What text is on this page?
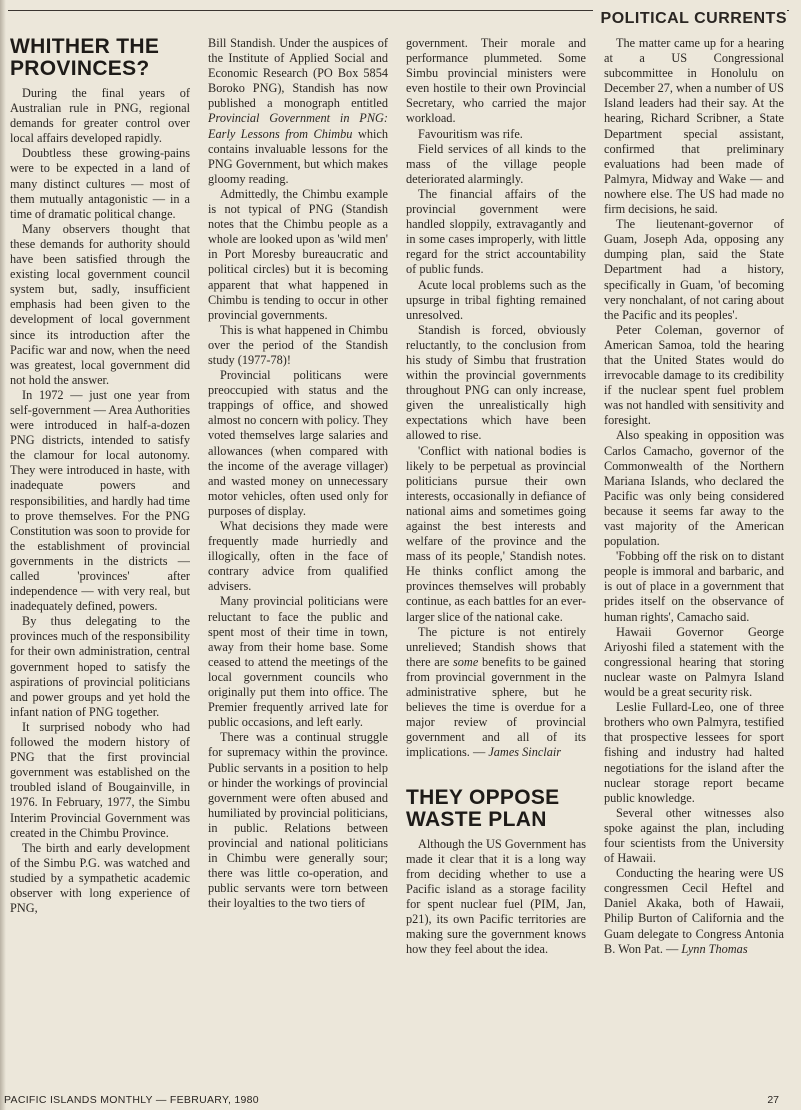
POLITICAL CURRENTS
WHITHER THE PROVINCES?

During the final years of Australian rule in PNG, regional demands for greater control over local affairs developed rapidly.

Doubtless these growing-pains were to be expected in a land of many distinct cultures — most of them mutually antagonistic — in a time of dramatic political change.

Many observers thought that these demands for authority should have been satisfied through the existing local government council system but, sadly, insufficient emphasis had been given to the development of local government since its introduction after the Pacific war and now, when the need was greatest, local government did not hold the answer.

In 1972 — just one year from self-government — Area Authorities were introduced in half-a-dozen PNG districts, intended to satisfy the clamour for local autonomy. They were introduced in haste, with inadequate powers and responsibilities, and hardly had time to prove themselves. For the PNG Constitution was soon to provide for the establishment of provincial governments in the districts — called 'provinces' after independence — with very real, but inadequately defined, powers.

By thus delegating to the provinces much of the responsibility for their own administration, central government hoped to satisfy the aspirations of provincial politicians and power groups and yet hold the infant nation of PNG together.

It surprised nobody who had followed the modern history of PNG that the first provincial government was established on the troubled island of Bougainville, in 1976. In February, 1977, the Simbu Interim Provincial Government was created in the Chimbu Province.

The birth and early development of the Simbu P.G. was watched and studied by a sympathetic academic observer with long experience of PNG,

Bill Standish. Under the auspices of the Institute of Applied Social and Economic Research (PO Box 5854 Boroko PNG), Standish has now published a monograph entitled Provincial Government in PNG: Early Lessons from Chimbu which contains invaluable lessons for the PNG Government, but which makes gloomy reading.

Admittedly, the Chimbu example is not typical of PNG (Standish notes that the Chimbu people as a whole are looked upon as 'wild men' in Port Moresby bureaucratic and political circles) but it is becoming apparent that what happened in Chimbu is tending to occur in other provincial governments.

This is what happened in Chimbu over the period of the Standish study (1977-78)!

Provincial politicans were preoccupied with status and the trappings of office, and showed almost no concern with policy. They voted themselves large salaries and allowances (when compared with the income of the average villager) and wasted money on unnecessary motor vehicles, often used only for purposes of display.

What decisions they made were frequently made hurriedly and illogically, often in the face of contrary advice from qualified advisers.

Many provincial politicians were reluctant to face the public and spent most of their time in town, away from their home base. Some ceased to attend the meetings of the local government councils who originally put them into office. The Premier frequently arrived late for public occasions, and left early.

There was a continual struggle for supremacy within the province. Public servants in a position to help or hinder the workings of provincial government were often abused and humiliated by provincial politicians, in public. Relations between provincial and national politicians in Chimbu were generally sour; there was little co-operation, and public servants were torn between their loyalties to the two tiers of

government. Their morale and performance plummeted. Some Simbu provincial ministers were even hostile to their own Provincial Secretary, who carried the major workload.

Favouritism was rife.

Field services of all kinds to the mass of the village people deteriorated alarmingly.

The financial affairs of the provincial government were handled sloppily, extravagantly and in some cases improperly, with little regard for the strict accountability of public funds.

Acute local problems such as the upsurge in tribal fighting remained unresolved.

Standish is forced, obviously reluctantly, to the conclusion from his study of Simbu that frustration within the provincial governments throughout PNG can only increase, given the unrealistically high expectations which have been allowed to rise.

'Conflict with national bodies is likely to be perpetual as provincial politicians pursue their own interests, occasionally in defiance of national aims and sometimes going against the best interests and welfare of the province and the mass of its people,' Standish notes. He thinks conflict among the provinces themselves will probably continue, as each battles for an ever-larger slice of the national cake.

The picture is not entirely unrelieved; Standish shows that there are some benefits to be gained from provincial government in the administrative sphere, but he believes the time is overdue for a major review of provincial government and all of its implications. — James Sinclair

THEY OPPOSE WASTE PLAN

Although the US Government has made it clear that it is a long way from deciding whether to use a Pacific island as a storage facility for spent nuclear fuel (PIM, Jan, p21), its own Pacific territories are making sure the government knows how they feel about the idea.

The matter came up for a hearing at a US Congressional subcommittee in Honolulu on December 27, when a number of US Island leaders had their say. At the hearing, Richard Scribner, a State Department special assistant, confirmed that preliminary evaluations had been made of Palmyra, Midway and Wake — and nowhere else. The US had made no firm decisions, he said.

The lieutenant-governor of Guam, Joseph Ada, opposing any dumping plan, said the State Department had a history, specifically in Guam, 'of becoming very nonchalant, of not caring about the Pacific and its peoples'.

Peter Coleman, governor of American Samoa, told the hearing that the United States would do irrevocable damage to its credibility if the nuclear spent fuel problem was not handled with sensitivity and foresight.

Also speaking in opposition was Carlos Camacho, governor of the Commonwealth of the Northern Mariana Islands, who declared the Pacific was only being considered because it seems far away to the vast majority of the American population.

'Fobbing off the risk on to distant people is immoral and barbaric, and is out of place in a government that prides itself on the observance of human rights', Camacho said.

Hawaii Governor George Ariyoshi filed a statement with the congressional hearing that storing nuclear waste on Palmyra Island would be a great security risk.

Leslie Fullard-Leo, one of three brothers who own Palmyra, testified that prospective lessees for sport fishing and industry had halted negotiations for the island after the nuclear storage report became public knowledge.

Several other witnesses also spoke against the plan, including four scientists from the University of Hawaii.

Conducting the hearing were US congressmen Cecil Heftel and Daniel Akaka, both of Hawaii, Philip Burton of California and the Guam delegate to Congress Antonia B. Won Pat. — Lynn Thomas

PACIFIC ISLANDS MONTHLY — FEBRUARY, 1980	27
